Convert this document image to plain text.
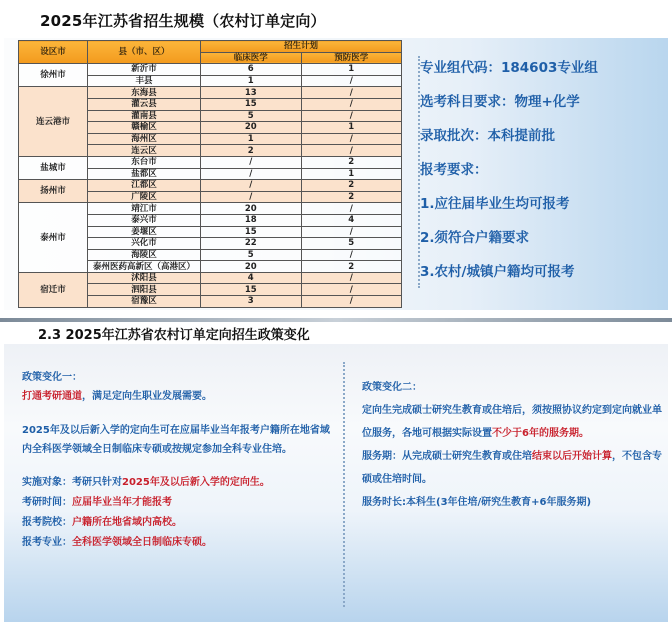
2025年江苏省招生规模（农村订单定向）
设区市	县（市、区）	招生计划	
		临床医学	预防医学
徐州市	新沂市	6	1
	丰县	1	/
连云港市	东海县	13	/
	灌云县	15	/
	灌南县	5	/
	赣榆区	20	1
	海州区	1	/
	连云区	2	/
盐城市	东台市	/	2
	盐都区	/	1
扬州市	江都区	/	2
	广陵区	/	2
泰州市	靖江市	20	/
	泰兴市	18	4
	姜堰区	15	/
	兴化市	22	5
	海陵区	5	/
	泰州医药高新区（高港区）	20	2
宿迁市	沭阳县	4	/
	泗阳县	15	/
	宿豫区	3	/
专业组代码：184603专业组
选考科目要求：物理+化学
录取批次：本科提前批
报考要求：
1.应往届毕业生均可报考
2.须符合户籍要求
3.农村/城镇户籍均可报考
2.3 2025年江苏省农村订单定向招生政策变化

政策变化一：

打通考研通道，满足定向生职业发展需要。

2025年及以后新入学的定向生可在应届毕业当年报考户籍所在地省域内全科医学领域全日制临床专硕或按规定参加全科专业住培。

实施对象：考研只针对2025年及以后新入学的定向生。

考研时间：应届毕业当年才能报考

报考院校：户籍所在地省域内高校。

报考专业：全科医学领域全日制临床专硕。

政策变化二：

定向生完成硕士研究生教育或住培后，须按照协议约定到定向就业单位服务，各地可根据实际设置不少于6年的服务期。

服务期：从完成硕士研究生教育或住培结束以后开始计算，不包含专硕或住培时间。

服务时长:本科生(3年住培/研究生教育+6年服务期)
